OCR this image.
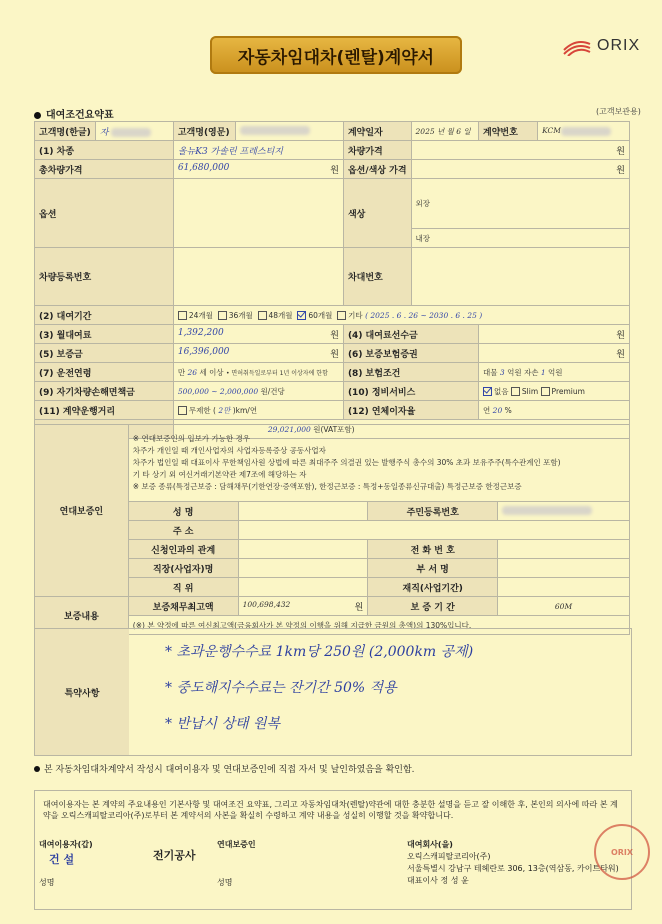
자동차임대차(렌탈)계약서
ORIX
대여조건요약표	(고객보관용)
고객명(한글)	자	고객명(영문)		계약일자	2025 년 월 6 일	계약번호	KCM
(1) 차종		올뉴K3 가솔린 프레스티지		차량가격	원		
총차량가격		61,680,000 원		옵션/색상 가격	원		
옵션				색상	외장		
					내장		
차량등록번호				차대번호			
(2) 대여기간		24개월 36개월 48개월 60개월 기타 ( 2025 . 6 . 26 ~ 2030 . 6 . 25 )					
(3) 월대여료		1,392,200 원		(4) 대여료선수금		원	
(5) 보증금		16,396,000 원		(6) 보증보험증권		원	
(7) 운전연령		만 26 세 이상 • 면허취득일로부터 1년 이상자에 한함		(8) 보험조건		대물 3 억원 자손 1 억원	
(9) 자기차량손해면책금		500,000 ~ 2,000,000 원/건당		(10) 정비서비스		없음 Slim Premium	
(11) 계약운행거리		무제한 ( 2만 )km/연		(12) 연체이자율		연 20 %	
	29,021,000 원(VAT포함)					
연대보증인	※ 연대보증인의 입보가 가능한 경우
차주가 개인일 때 개인사업자의 사업자등록증상 공동사업자
차주가 법인일 때 대표이사 무한책임사원 상법에 따른 최대주주 의결권 있는 발행주식 총수의 30% 초과 보유주주(특수관계인 포함)
기 타 상기 외 여신거래기본약관 제7조에 해당하는 자
※ 보증 종류(특정근보증 : 담해채무(기한연장·증액포함), 한정근보증 : 특정+동일종류신규대출) 특정근보증 한정근보증			

	성 명		주민등록번호	
	주 소			
	신청인과의 관계		전 화 번 호	
	직장(사업자)명		부 서 명	
	직 위		재직(사업기간)	
보증내용	보증채무최고액	100,698,432 원	보 증 기 간	60M
	(※) 본 약정에 따른 여신최고액(금융회사가 본 약정의 이행을 위해 지급한 금원의 총액)의 130%입니다.			
특약사항
* 초과운행수수료 1km당 250원 (2,000km 공제)
* 중도해지수수료는 잔기간 50% 적용
* 반납시 상태 원복
본 자동차임대차계약서 작성시 대여이용자 및 연대보증인에 직접 자서 및 날인하였음을 확인함.
대여이용자는 본 계약의 주요내용인 기본사항 및 대여조건 요약표, 그리고 자동차임대차(렌탈)약관에 대한 충분한 설명을 듣고 잘 이해한 후, 본인의 의사에 따라 본 계약을 오릭스캐피탈코리아(주)로부터 본 계약서의 사본을 확실히 수령하고 계약 내용을 성실히 이행할 것을 확약합니다.
대여이용자(갑)
건 설	전기공사
성명
연대보증인
성명
대여회사(을)
오릭스캐피탈코리아(주)
서울특별시 강남구 테헤란로 306, 13층(역삼동, 카이트타워)
대표이사 정 성 윤
ORIX
